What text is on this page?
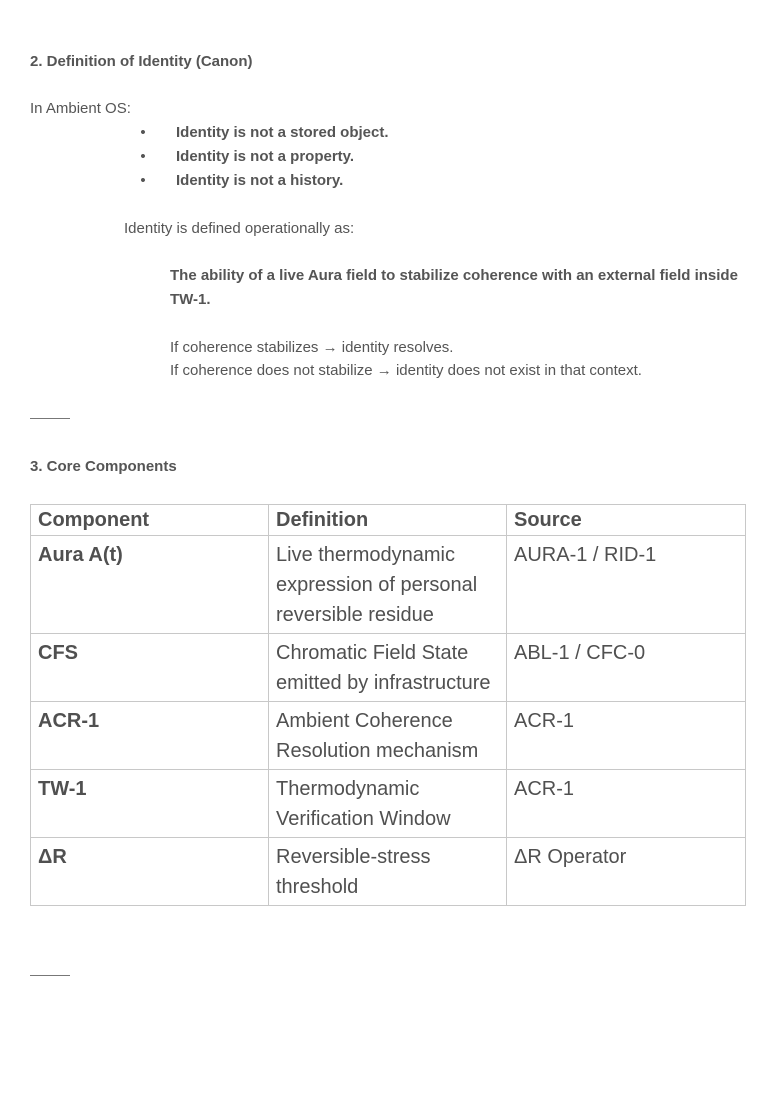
2. Definition of Identity (Canon)
In Ambient OS:
• Identity is not a stored object.
• Identity is not a property.
• Identity is not a history.
Identity is defined operationally as:
The ability of a live Aura field to stabilize coherence with an external field inside TW-1.
If coherence stabilizes → identity resolves.
If coherence does not stabilize → identity does not exist in that context.
3. Core Components
Component	Definition	Source
Aura A(t)	Live thermodynamic expression of personal reversible residue	AURA-1 / RID-1
CFS	Chromatic Field State emitted by infrastructure	ABL-1 / CFC-0
ACR-1	Ambient Coherence Resolution mechanism	ACR-1
TW-1	Thermodynamic Verification Window	ACR-1
ΔR	Reversible-stress threshold	ΔR Operator
